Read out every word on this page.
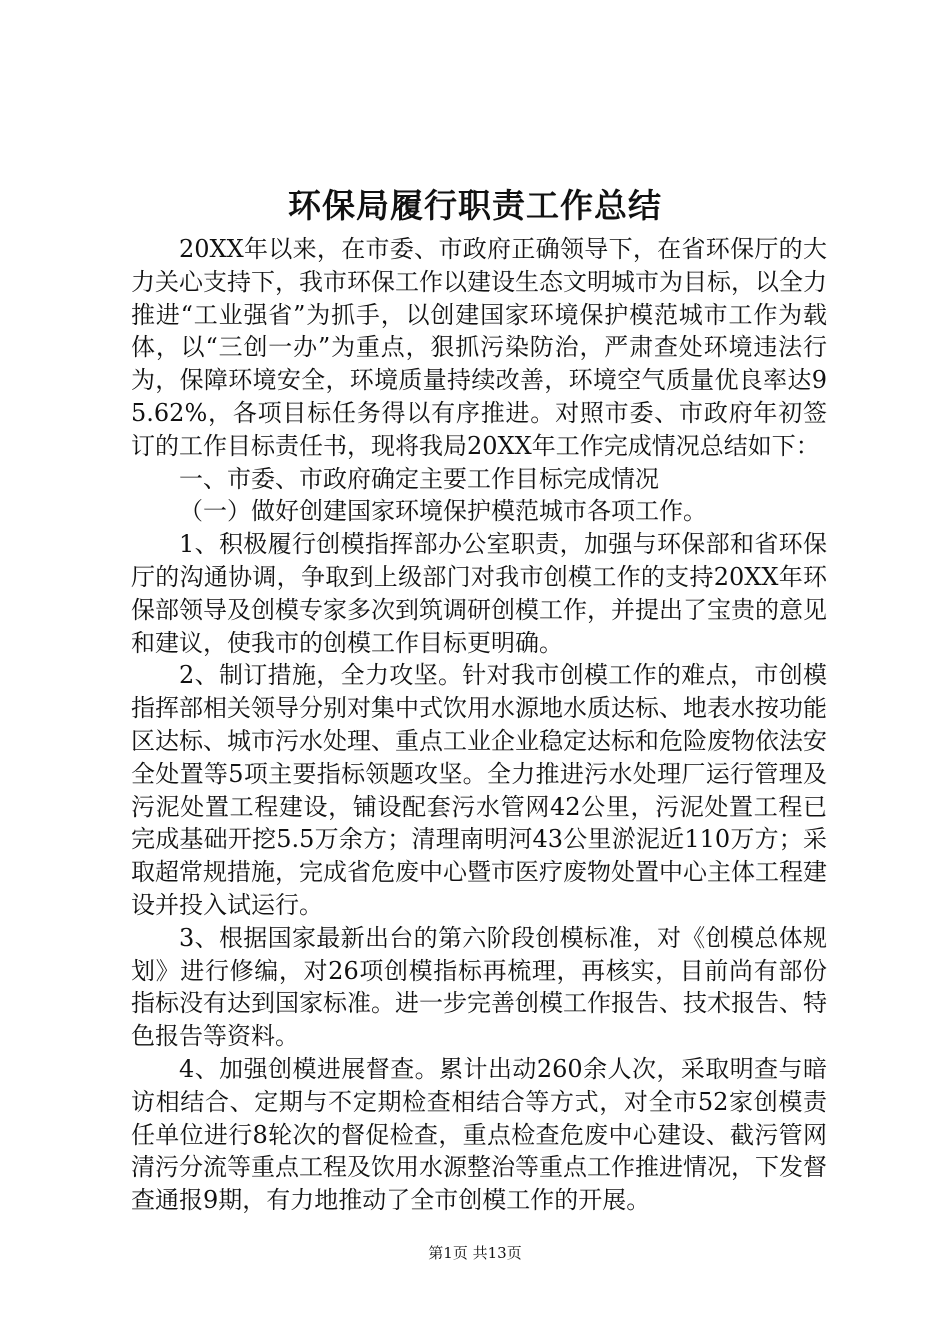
环保局履行职责工作总结

20XX年以来，在市委、市政府正确领导下，在省环保厅的大力关心支持下，我市环保工作以建设生态文明城市为目标，以全力推进“工业强省”为抓手，以创建国家环境保护模范城市工作为载体，以“三创一办”为重点，狠抓污染防治，严肃查处环境违法行为，保障环境安全，环境质量持续改善，环境空气质量优良率达95.62%，各项目标任务得以有序推进。对照市委、市政府年初签订的工作目标责任书，现将我局20XX年工作完成情况总结如下：

一、市委、市政府确定主要工作目标完成情况

（一）做好创建国家环境保护模范城市各项工作。

1、积极履行创模指挥部办公室职责，加强与环保部和省环保厅的沟通协调，争取到上级部门对我市创模工作的支持20XX年环保部领导及创模专家多次到筑调研创模工作，并提出了宝贵的意见和建议，使我市的创模工作目标更明确。

2、制订措施，全力攻坚。针对我市创模工作的难点，市创模指挥部相关领导分别对集中式饮用水源地水质达标、地表水按功能区达标、城市污水处理、重点工业企业稳定达标和危险废物依法安全处置等5项主要指标领题攻坚。全力推进污水处理厂运行管理及污泥处置工程建设，铺设配套污水管网42公里，污泥处置工程已完成基础开挖5.5万余方；清理南明河43公里淤泥近110万方；采取超常规措施，完成省危废中心暨市医疗废物处置中心主体工程建设并投入试运行。

3、根据国家最新出台的第六阶段创模标准，对《创模总体规划》进行修编，对26项创模指标再梳理，再核实，目前尚有部份指标没有达到国家标准。进一步完善创模工作报告、技术报告、特色报告等资料。

4、加强创模进展督查。累计出动260余人次，采取明查与暗访相结合、定期与不定期检查相结合等方式，对全市52家创模责任单位进行8轮次的督促检查，重点检查危废中心建设、截污管网清污分流等重点工程及饮用水源整治等重点工作推进情况，下发督查通报9期，有力地推动了全市创模工作的开展。

第1页 共13页
